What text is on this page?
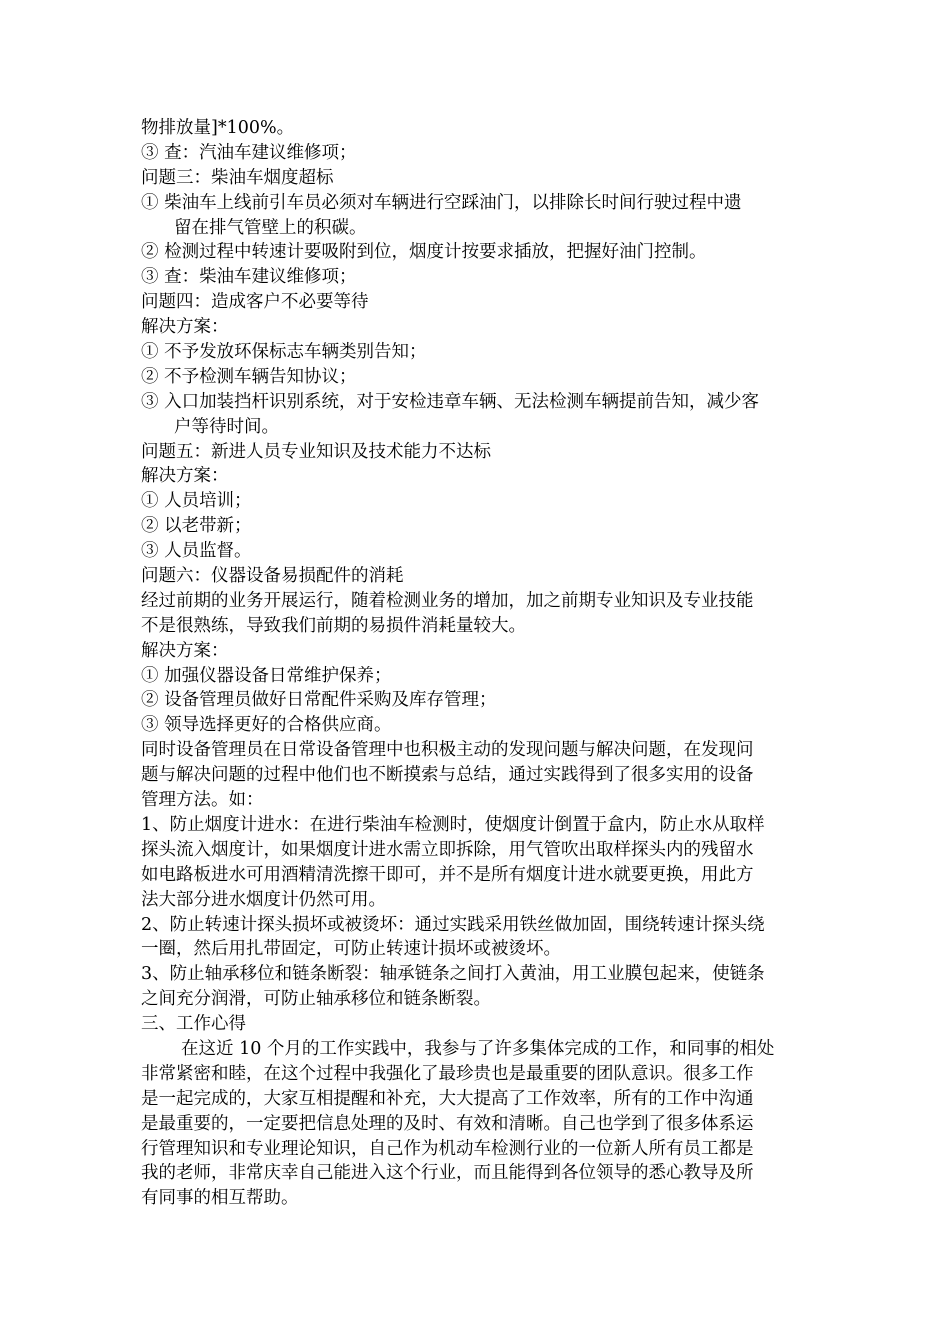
物排放量]*100%。

③ 查：汽油车建议维修项；

问题三：柴油车烟度超标

① 柴油车上线前引车员必须对车辆进行空踩油门，以排除长时间行驶过程中遗

留在排气管壁上的积碳。

② 检测过程中转速计要吸附到位，烟度计按要求插放，把握好油门控制。

③ 查：柴油车建议维修项；

问题四：造成客户不必要等待

解决方案：

① 不予发放环保标志车辆类别告知；

② 不予检测车辆告知协议；

③ 入口加装挡杆识别系统，对于安检违章车辆、无法检测车辆提前告知，减少客

户等待时间。

问题五：新进人员专业知识及技术能力不达标

解决方案：

① 人员培训；

② 以老带新；

③ 人员监督。

问题六：仪器设备易损配件的消耗

经过前期的业务开展运行，随着检测业务的增加，加之前期专业知识及专业技能

不是很熟练，导致我们前期的易损件消耗量较大。

解决方案：

① 加强仪器设备日常维护保养；

② 设备管理员做好日常配件采购及库存管理；

③ 领导选择更好的合格供应商。

同时设备管理员在日常设备管理中也积极主动的发现问题与解决问题，在发现问

题与解决问题的过程中他们也不断摸索与总结，通过实践得到了很多实用的设备

管理方法。如：

1、防止烟度计进水：在进行柴油车检测时，使烟度计倒置于盒内，防止水从取样

探头流入烟度计，如果烟度计进水需立即拆除，用气管吹出取样探头内的残留水

如电路板进水可用酒精清洗擦干即可，并不是所有烟度计进水就要更换，用此方

法大部分进水烟度计仍然可用。

2、防止转速计探头损坏或被烫坏：通过实践采用铁丝做加固，围绕转速计探头绕

一圈，然后用扎带固定，可防止转速计损坏或被烫坏。

3、防止轴承移位和链条断裂：轴承链条之间打入黄油，用工业膜包起来，使链条

之间充分润滑，可防止轴承移位和链条断裂。

三、工作心得

在这近 10 个月的工作实践中，我参与了许多集体完成的工作，和同事的相处

非常紧密和睦，在这个过程中我强化了最珍贵也是最重要的团队意识。很多工作

是一起完成的，大家互相提醒和补充，大大提高了工作效率，所有的工作中沟通

是最重要的，一定要把信息处理的及时、有效和清晰。自己也学到了很多体系运

行管理知识和专业理论知识，自己作为机动车检测行业的一位新人所有员工都是

我的老师，非常庆幸自己能进入这个行业，而且能得到各位领导的悉心教导及所

有同事的相互帮助。
